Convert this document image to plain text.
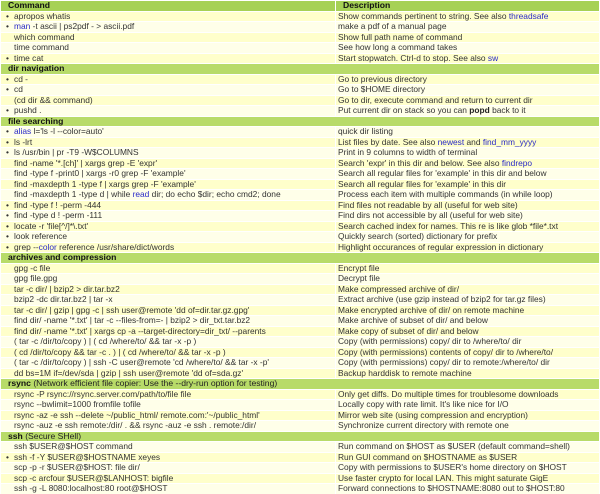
Command	Description

• apropos whatis	Show commands pertinent to string. See also threadsafe

• man -t ascii | ps2pdf - > ascii.pdf	make a pdf of a manual page
which command	Show full path name of command
time command	See how long a command takes

• time cat	Start stopwatch. Ctrl-d to stop. See also sw
dir navigation	

• cd -	Go to previous directory

• cd	Go to $HOME directory
(cd dir && command)	Go to dir, execute command and return to current dir

• pushd .	Put current dir on stack so you can popd back to it
file searching	

• alias l='ls -l --color=auto'	quick dir listing

• ls -lrt	List files by date. See also newest and find_mm_yyyy

• ls /usr/bin | pr -T9 -W$COLUMNS	Print in 9 columns to width of terminal
find -name '*.[ch]' | xargs grep -E 'expr'	Search 'expr' in this dir and below. See also findrepo
find -type f -print0 | xargs -r0 grep -F 'example'	Search all regular files for 'example' in this dir and below
find -maxdepth 1 -type f | xargs grep -F 'example'	Search all regular files for 'example' in this dir
find -maxdepth 1 -type d | while read dir; do echo $dir; echo cmd2; done	Process each item with multiple commands (in while loop)

• find -type f ! -perm -444	Find files not readable by all (useful for web site)

• find -type d ! -perm -111	Find dirs not accessible by all (useful for web site)

• locate -r 'file[^/]*\.txt'	Search cached index for names. This re is like glob *file*.txt

• look reference	Quickly search (sorted) dictionary for prefix

• grep --color reference /usr/share/dict/words	Highlight occurances of regular expression in dictionary
archives and compression	
gpg -c file	Encrypt file
gpg file.gpg	Decrypt file
tar -c dir/ | bzip2 > dir.tar.bz2	Make compressed archive of dir/
bzip2 -dc dir.tar.bz2 | tar -x	Extract archive (use gzip instead of bzip2 for tar.gz files)
tar -c dir/ | gzip | gpg -c | ssh user@remote 'dd of=dir.tar.gz.gpg'	Make encrypted archive of dir/ on remote machine
find dir/ -name '*.txt' | tar -c --files-from=- | bzip2 > dir_txt.tar.bz2	Make archive of subset of dir/ and below
find dir/ -name '*.txt' | xargs cp -a --target-directory=dir_txt/ --parents	Make copy of subset of dir/ and below
( tar -c /dir/to/copy ) | ( cd /where/to/ && tar -x -p )	Copy (with permissions) copy/ dir to /where/to/ dir
( cd /dir/to/copy && tar -c . ) | ( cd /where/to/ && tar -x -p )	Copy (with permissions) contents of copy/ dir to /where/to/
( tar -c /dir/to/copy ) | ssh -C user@remote 'cd /where/to/ && tar -x -p'	Copy (with permissions) copy/ dir to remote:/where/to/ dir
dd bs=1M if=/dev/sda | gzip | ssh user@remote 'dd of=sda.gz'	Backup harddisk to remote machine
rsync (Network efficient file copier: Use the --dry-run option for testing)	
rsync -P rsync://rsync.server.com/path/to/file file	Only get diffs. Do multiple times for troublesome downloads
rsync --bwlimit=1000 fromfile tofile	Locally copy with rate limit. It's like nice for I/O
rsync -az -e ssh --delete ~/public_html/ remote.com:'~/public_html'	Mirror web site (using compression and encryption)
rsync -auz -e ssh remote:/dir/ . && rsync -auz -e ssh . remote:/dir/	Synchronize current directory with remote one
ssh (Secure SHell)	
ssh $USER@$HOST command	Run command on $HOST as $USER (default command=shell)

• ssh -f -Y $USER@$HOSTNAME xeyes	Run GUI command on $HOSTNAME as $USER
scp -p -r $USER@$HOST: file dir/	Copy with permissions to $USER's home directory on $HOST
scp -c arcfour $USER@$LANHOST: bigfile	Use faster crypto for local LAN. This might saturate GigE
ssh -g -L 8080:localhost:80 root@$HOST	Forward connections to $HOSTNAME:8080 out to $HOST:80
